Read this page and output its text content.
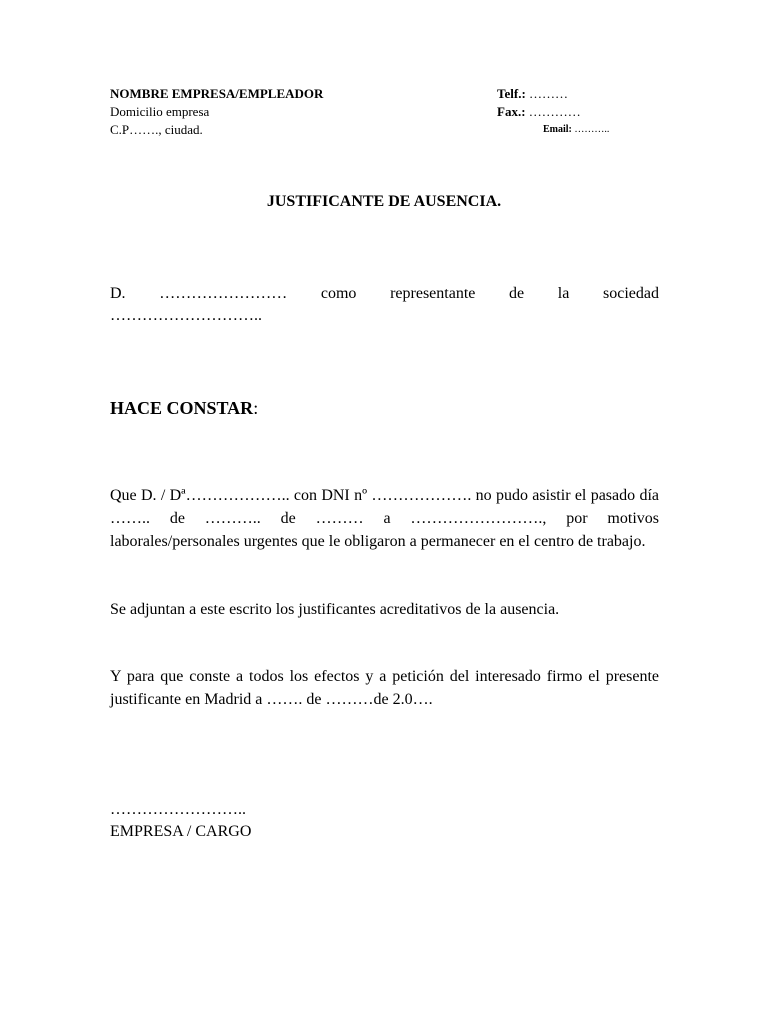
NOMBRE EMPRESA/EMPLEADOR
Domicilio empresa
C.P……., ciudad.
Telf.: ………
Fax.: …………
Email: ………..
JUSTIFICANTE DE AUSENCIA.
D. …………………… como representante de la sociedad
………………………..
HACE CONSTAR:
Que D. / Dª……………….. con DNI nº ………………. no pudo asistir el pasado día …….. de ……….. de ……… a ……………………., por motivos laborales/personales urgentes que le obligaron a permanecer en el centro de trabajo.
Se adjuntan a este escrito los justificantes acreditativos de la ausencia.
Y para que conste a todos los efectos y a petición del interesado firmo el presente justificante en Madrid a ……. de ………de 2.0….
……………………..
EMPRESA / CARGO
